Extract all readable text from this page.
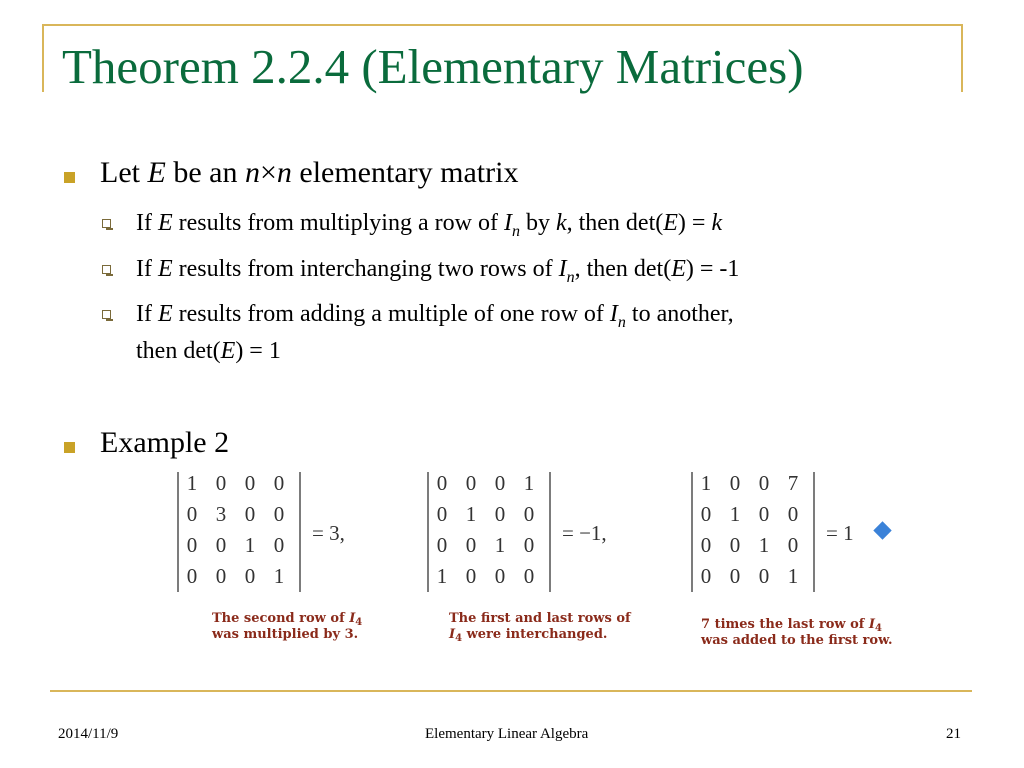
Theorem 2.2.4 (Elementary Matrices)
Let E be an n×n elementary matrix
If E results from multiplying a row of $I_n$ by k, then det(E) = k
If E results from interchanging two rows of $I_n$, then det(E) = -1
If E results from adding a multiple of one row of $I_n$ to another,
then det(E) = 1
Example 2
1 0 0 0
0 3 0 0
0 0 1 0
0 0 0 1
= 3,
0 0 0 1
0 1 0 0
0 0 1 0
1 0 0 0
= −1,
1 0 0 7
0 1 0 0
0 0 1 0
0 0 0 1
= 1
The second row of $I_4$
was multiplied by 3.
The first and last rows of
$I_4$ were interchanged.
7 times the last row of $I_4$
was added to the first row.
2014/11/9	Elementary Linear Algebra	21
